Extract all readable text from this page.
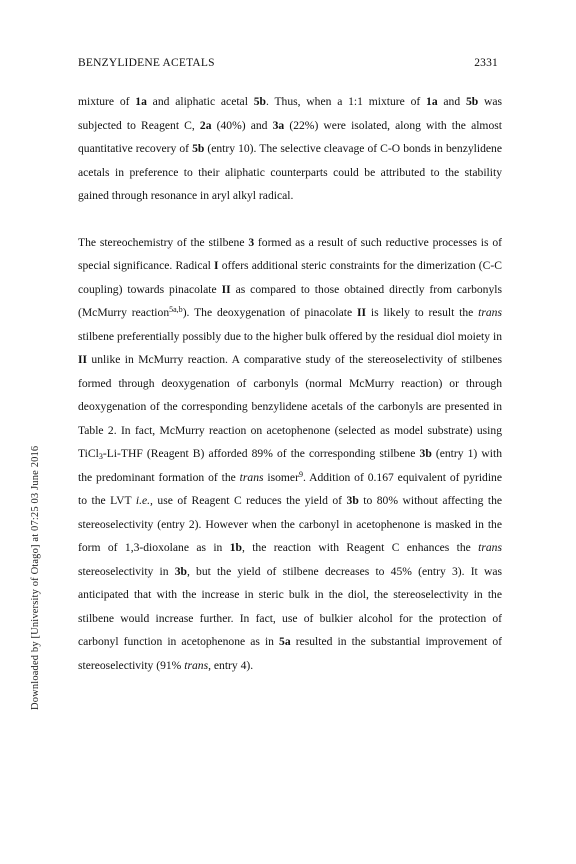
BENZYLIDENE ACETALS	2331
Downloaded by [University of Otago] at 07:25 03 June 2016

mixture of 1a and aliphatic acetal 5b. Thus, when a 1:1 mixture of 1a and 5b was subjected to Reagent C, 2a (40%) and 3a (22%) were isolated, along with the almost quantitative recovery of 5b (entry 10). The selective cleavage of C-O bonds in benzylidene acetals in preference to their aliphatic counterparts could be attributed to the stability gained through resonance in aryl alkyl radical.

The stereochemistry of the stilbene 3 formed as a result of such reductive processes is of special significance. Radical I offers additional steric constraints for the dimerization (C-C coupling) towards pinacolate II as compared to those obtained directly from carbonyls (McMurry reaction$^{5a,b}$). The deoxygenation of pinacolate II is likely to result the trans stilbene preferentially possibly due to the higher bulk offered by the residual diol moiety in II unlike in McMurry reaction. A comparative study of the stereoselectivity of stilbenes formed through deoxygenation of carbonyls (normal McMurry reaction) or through deoxygenation of the corresponding benzylidene acetals of the carbonyls are presented in Table 2. In fact, McMurry reaction on acetophenone (selected as model substrate) using TiCl$_3$-Li-THF (Reagent B) afforded 89% of the corresponding stilbene 3b (entry 1) with the predominant formation of the trans isomer$^9$. Addition of 0.167 equivalent of pyridine to the LVT i.e., use of Reagent C reduces the yield of 3b to 80% without affecting the stereoselectivity (entry 2). However when the carbonyl in acetophenone is masked in the form of 1,3-dioxolane as in 1b, the reaction with Reagent C enhances the trans stereoselectivity in 3b, but the yield of stilbene decreases to 45% (entry 3). It was anticipated that with the increase in steric bulk in the diol, the stereoselectivity in the stilbene would increase further. In fact, use of bulkier alcohol for the protection of carbonyl function in acetophenone as in 5a resulted in the substantial improvement of stereoselectivity (91% trans, entry 4).
